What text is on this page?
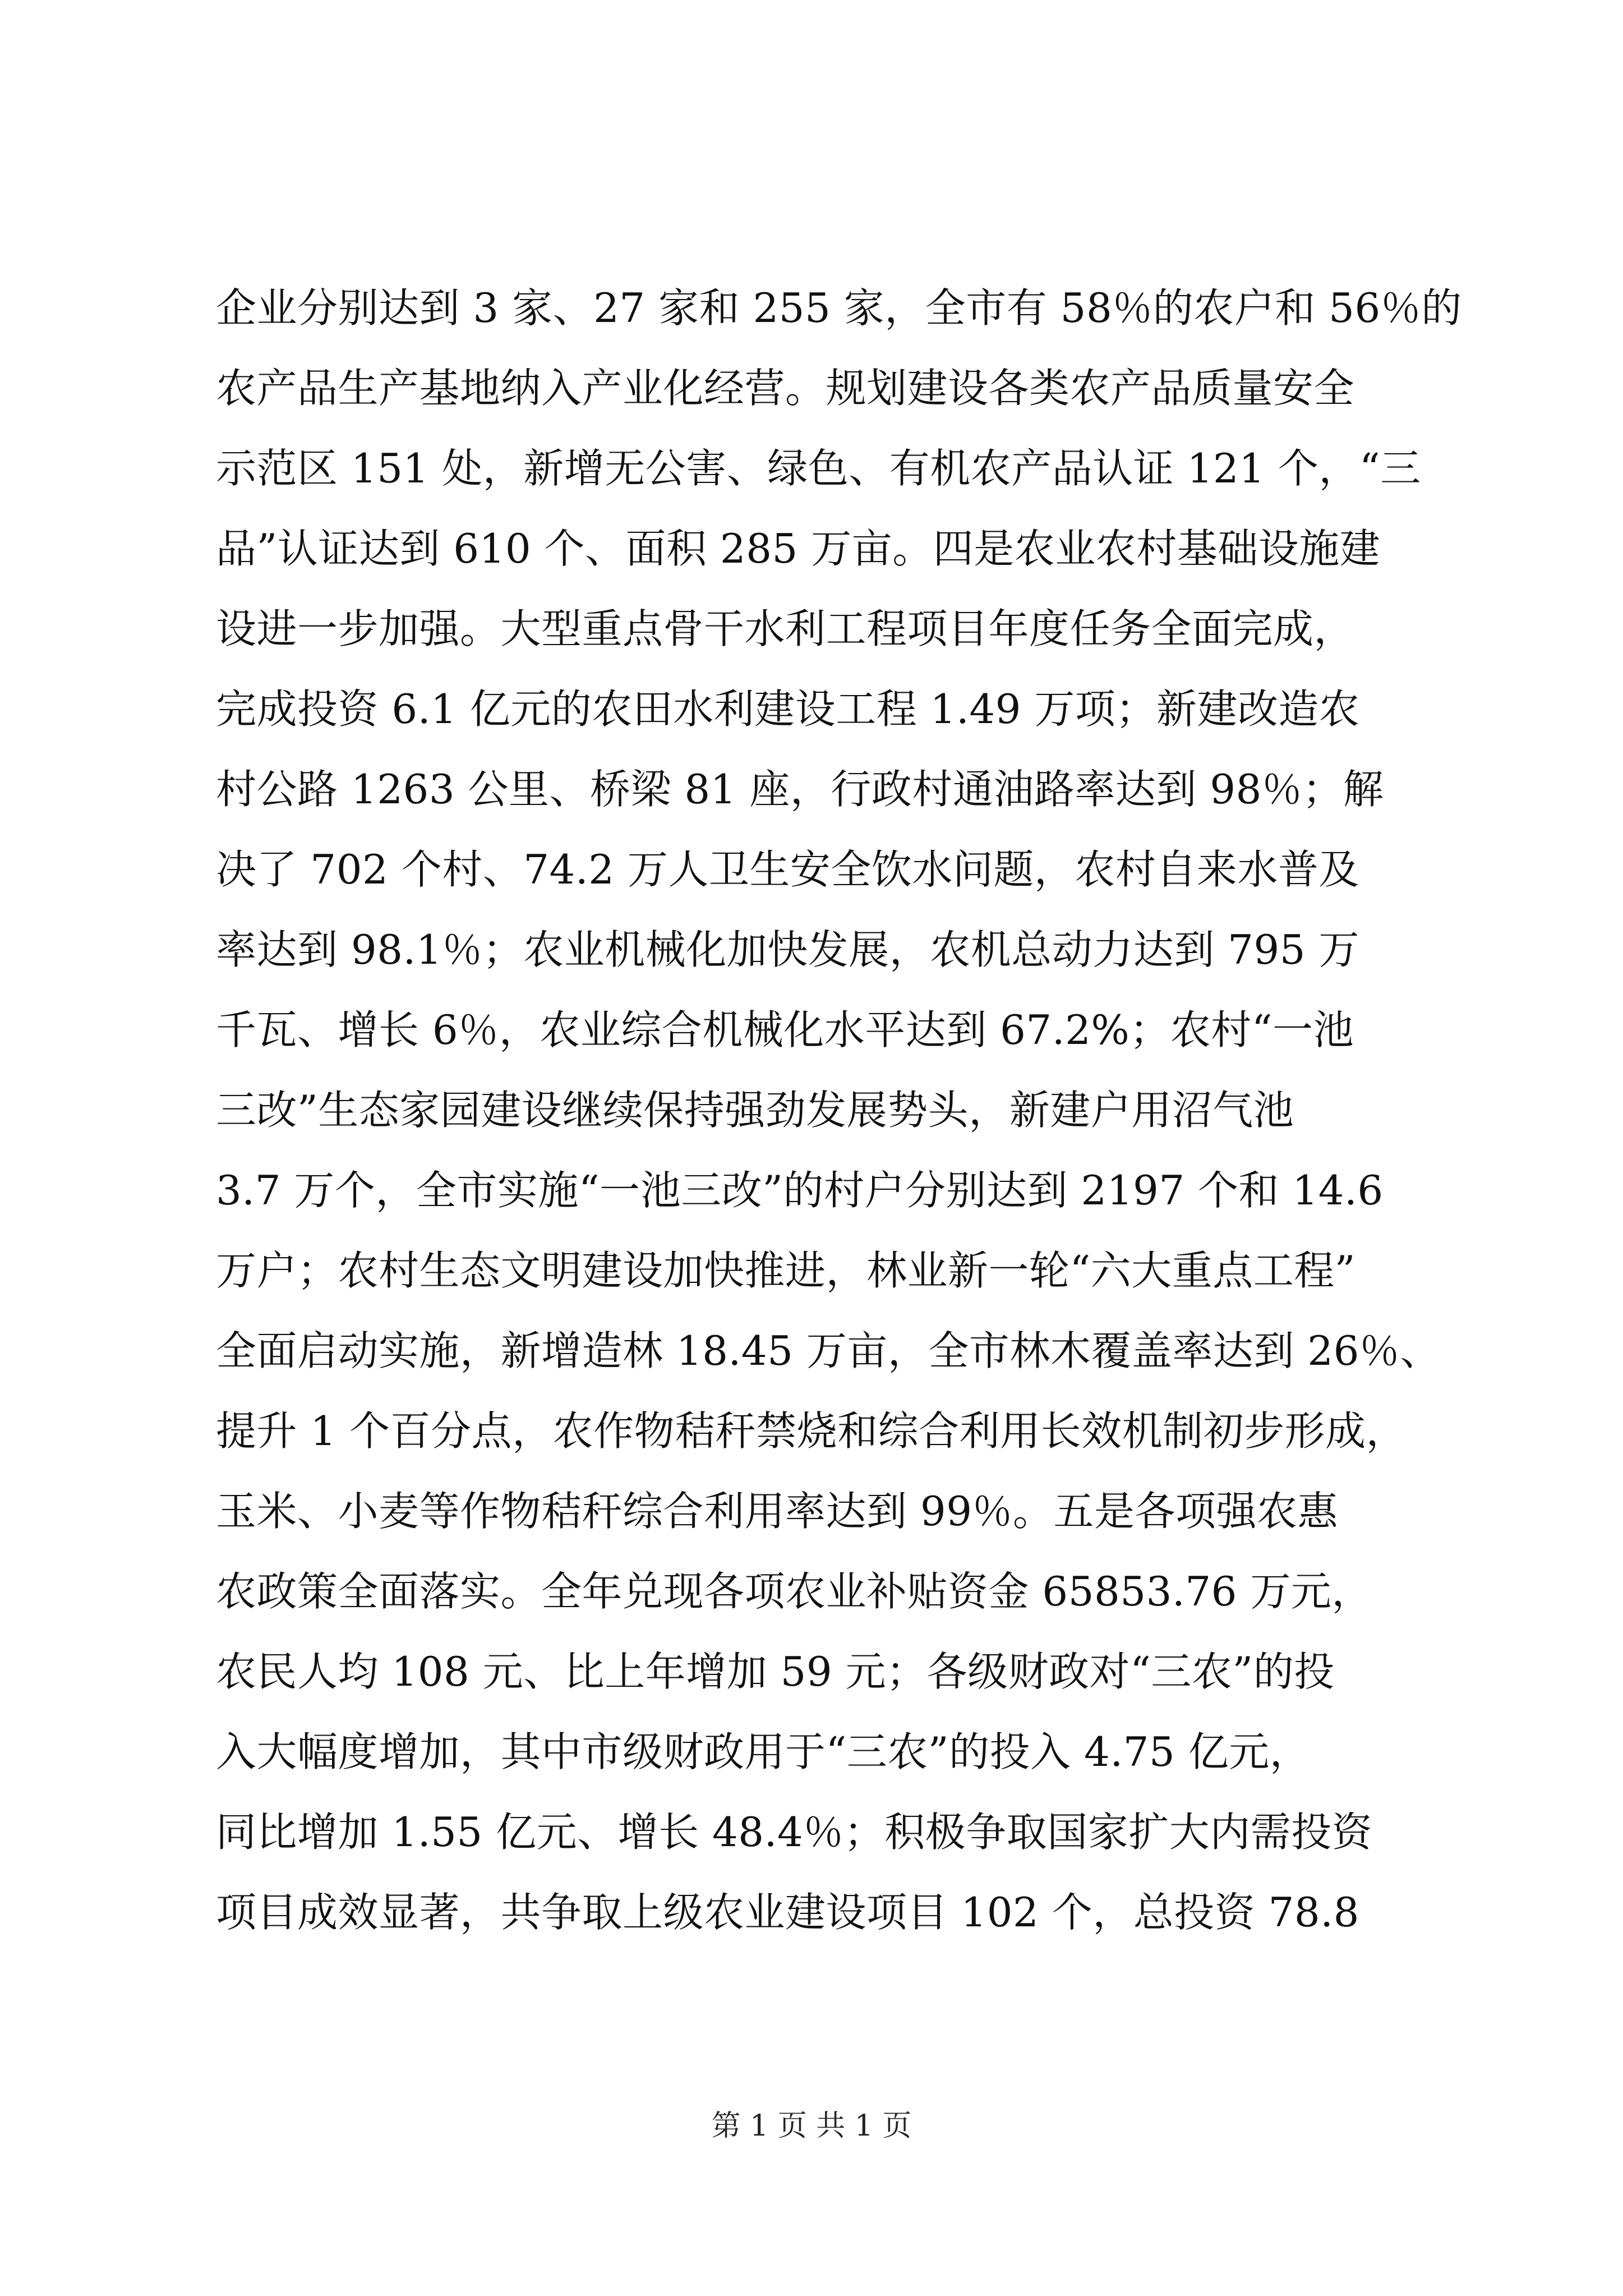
企业分别达到 3 家、27 家和 255 家，全市有 58％的农户和 56％的
农产品生产基地纳入产业化经营。规划建设各类农产品质量安全
示范区 151 处，新增无公害、绿色、有机农产品认证 121 个，“三
品”认证达到 610 个、面积 285 万亩。四是农业农村基础设施建
设进一步加强。大型重点骨干水利工程项目年度任务全面完成，
完成投资 6.1 亿元的农田水利建设工程 1.49 万项；新建改造农
村公路 1263 公里、桥梁 81 座，行政村通油路率达到 98％；解
决了 702 个村、74.2 万人卫生安全饮水问题，农村自来水普及
率达到 98.1％；农业机械化加快发展，农机总动力达到 795 万
千瓦、增长 6％，农业综合机械化水平达到 67.2%；农村“一池
三改”生态家园建设继续保持强劲发展势头，新建户用沼气池
3.7 万个，全市实施“一池三改”的村户分别达到 2197 个和 14.6
万户；农村生态文明建设加快推进，林业新一轮“六大重点工程”
全面启动实施，新增造林 18.45 万亩，全市林木覆盖率达到 26％、
提升 1 个百分点，农作物秸秆禁烧和综合利用长效机制初步形成，
玉米、小麦等作物秸秆综合利用率达到 99％。五是各项强农惠
农政策全面落实。全年兑现各项农业补贴资金 65853.76 万元，
农民人均 108 元、比上年增加 59 元；各级财政对“三农”的投
入大幅度增加，其中市级财政用于“三农”的投入 4.75 亿元，
同比增加 1.55 亿元、增长 48.4％；积极争取国家扩大内需投资
项目成效显著，共争取上级农业建设项目 102 个，总投资 78.8
第 1 页 共 1 页
